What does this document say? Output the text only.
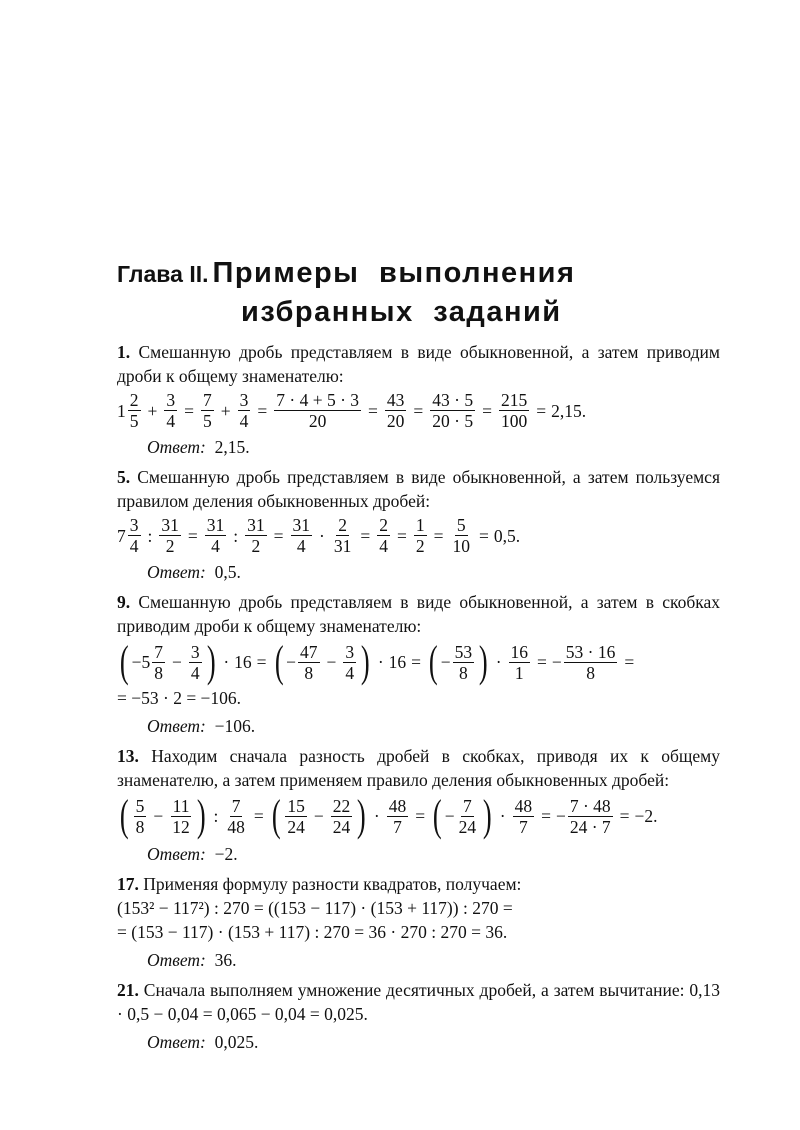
Глава II. Примеры выполнения
избранных заданий

1. Смешанную дробь представляем в виде обыкновенной, а затем приводим дроби к общему знаменателю:

$1 \frac{2}{5} + \frac{3}{4} = \frac{7}{5} + \frac{3}{4} = \frac{7 \cdot 4 + 5 \cdot 3}{20} = \frac{43}{20} = \frac{43 \cdot 5}{20 \cdot 5} = \frac{215}{100} = 2,15$.
Ответ: 2,15.

5. Смешанную дробь представляем в виде обыкновенной, а затем пользуемся правилом деления обыкновенных дробей:

$7 \frac{3}{4}$ : $\frac{31}{2} = \frac{31}{4}$ : $\frac{31}{2} = \frac{31}{4} \cdot \frac{2}{31} = \frac{2}{4} = \frac{1}{2} = \frac{5}{10} = 0,5$.
Ответ: 0,5.

9. Смешанную дробь представляем в виде обыкновенной, а затем в скобках приводим дроби к общему знаменателю:

( $-5 \frac{7}{8} - \frac{3}{4}$ ) · 16 = ( − $\frac{47}{8} - \frac{3}{4}$ ) · 16 = ( − $\frac{53}{8}$ ) · $\frac{16}{1}$ = − $\frac{53 \cdot 16}{8}$ =
= −53 · 2 = −106.
Ответ: −106.

13. Находим сначала разность дробей в скобках, приводя их к общему знаменателю, а затем применяем правило деления обыкновенных дробей:

( $\frac{5}{8} - \frac{11}{12}$ ) : $\frac{7}{48}$ = ( $\frac{15}{24} - \frac{22}{24}$ ) · $\frac{48}{7}$ = ( − $\frac{7}{24}$ ) · $\frac{48}{7}$ = − $\frac{7 \cdot 48}{24 \cdot 7} = -2$.
Ответ: −2.

17. Применяя формулу разности квадратов, получаем:

(153² − 117²) : 270 = ((153 − 117) · (153 + 117)) : 270 =
= (153 − 117) · (153 + 117) : 270 = 36 · 270 : 270 = 36.
Ответ: 36.

21. Сначала выполняем умножение десятичных дробей, а затем вычитание: 0,13 · 0,5 − 0,04 = 0,065 − 0,04 = 0,025.

Ответ: 0,025.
